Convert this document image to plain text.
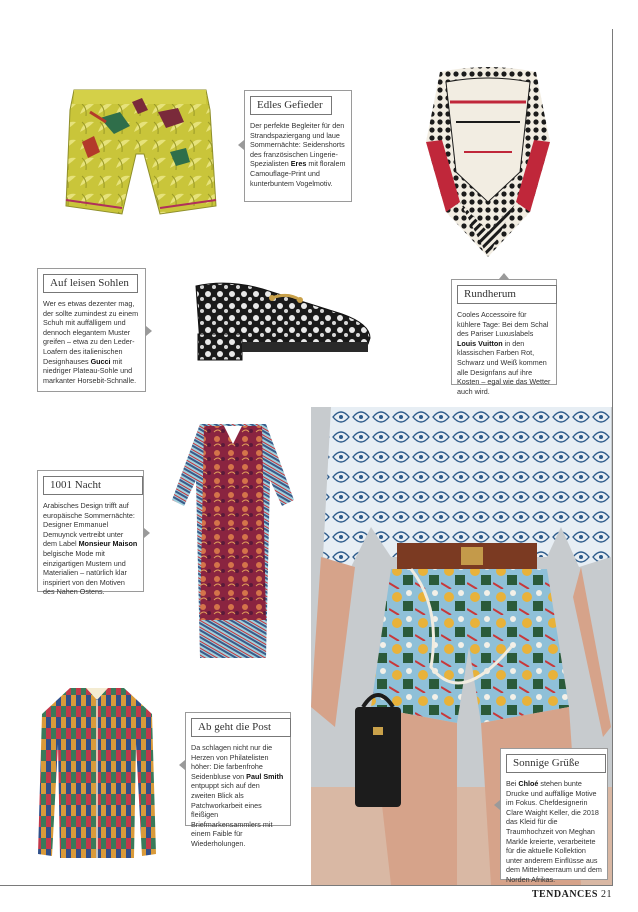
TENDANCES 21
Edles Gefieder
Der perfekte Begleiter für den Strandspaziergang und laue Sommernächte: Seidenshorts des französischen Lingerie-Spezialisten Eres mit floralem Camouflage-Print und kunterbuntem Vogelmotiv.
Rundherum
Cooles Accessoire für kühlere Tage: Bei dem Schal des Pariser Luxuslabels Louis Vuitton in den klassischen Farben Rot, Schwarz und Weiß kommen alle Designfans auf ihre Kosten – egal wie das Wetter auch wird.
Auf leisen Sohlen
Wer es etwas dezenter mag, der sollte zumindest zu einem Schuh mit auffälligem und dennoch elegantem Muster greifen – etwa zu den Leder-Loafern des italienischen Designhauses Gucci mit niedriger Plateau-Sohle und markanter Horsebit-Schnalle.
1001 Nacht
Arabisches Design trifft auf europäische Sommernächte: Designer Emmanuel Demuynck vertreibt unter dem Label Monsieur Maison belgische Mode mit einzigartigen Mustern und Materialien – natürlich klar inspiriert von den Motiven des Nahen Ostens.
Ab geht die Post
Da schlagen nicht nur die Herzen von Philatelisten höher: Die farbenfrohe Seidenbluse von Paul Smith entpuppt sich auf den zweiten Blick als Patchworkarbeit eines fleißigen Briefmarkensammlers mit einem Faible für Wiederholungen.
Sonnige Grüße
Bei Chloé stehen bunte Drucke und auffällige Motive im Fokus. Chefdesignerin Clare Waight Keller, die 2018 das Kleid für die Traumhochzeit von Meghan Markle kreierte, verarbeitete für die aktuelle Kollektion unter anderem Einflüsse aus dem Mittelmeerraum und dem Norden Afrikas.
